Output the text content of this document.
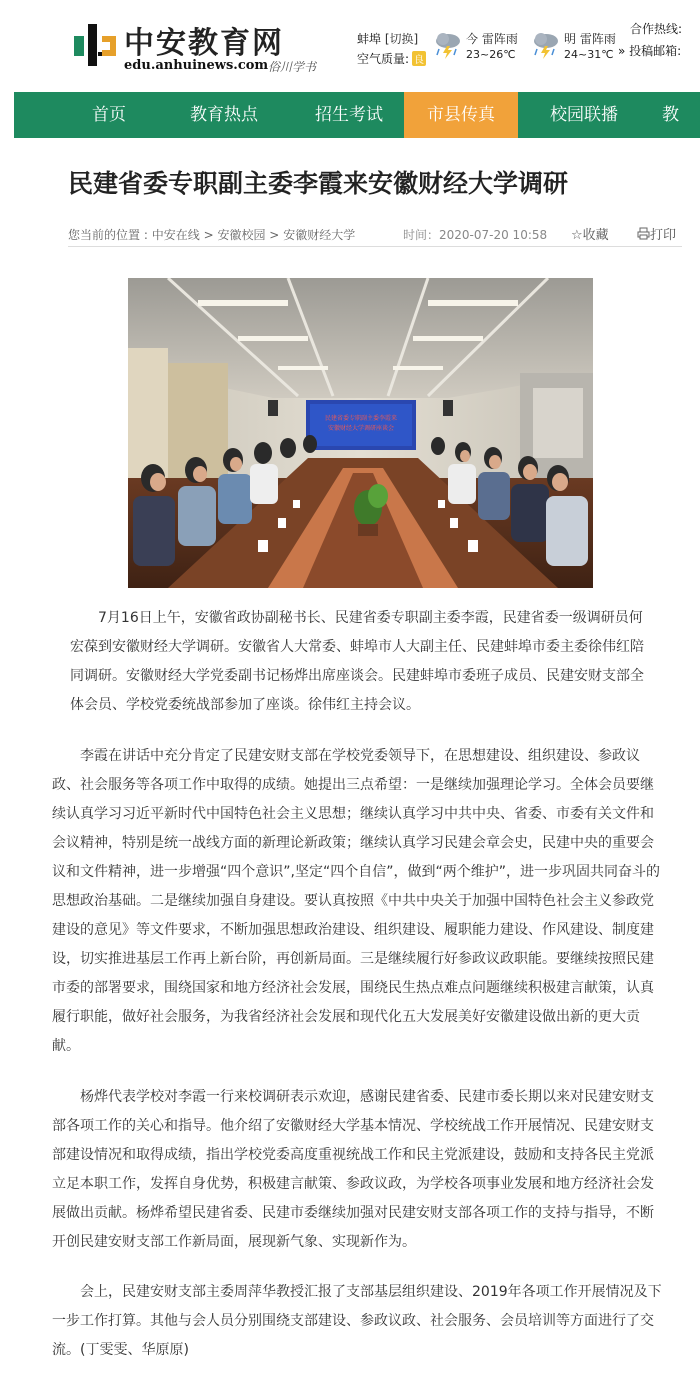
中安教育网
edu.anhuinews.com 俗川学书
蚌埠 [切换]
空气质量: 良
今 雷阵雨
23~26℃
明 雷阵雨
24~31℃
合作热线:
» 投稿邮箱:
首页	教育热点	招生考试	市县传真	校园联播	教
民建省委专职副主委李霞来安徽财经大学调研
您当前的位置 : 中安在线 > 安徽校园 > 安徽财经大学	时间：2020-07-20 10:58 ☆收藏	打印
民建省委专职副主委李霞来
安徽财经大学调研座谈会

7月16日上午，安徽省政协副秘书长、民建省委专职副主委李霞，民建省委一级调研员何宏葆到安徽财经大学调研。安徽省人大常委、蚌埠市人大副主任、民建蚌埠市委主委徐伟红陪同调研。安徽财经大学党委副书记杨烨出席座谈会。民建蚌埠市委班子成员、民建安财支部全体会员、学校党委统战部参加了座谈。徐伟红主持会议。

李霞在讲话中充分肯定了民建安财支部在学校党委领导下，在思想建设、组织建设、参政议政、社会服务等各项工作中取得的成绩。她提出三点希望：一是继续加强理论学习。全体会员要继续认真学习习近平新时代中国特色社会主义思想；继续认真学习中共中央、省委、市委有关文件和会议精神，特别是统一战线方面的新理论新政策；继续认真学习民建会章会史，民建中央的重要会议和文件精神，进一步增强“四个意识”,坚定“四个自信”，做到“两个维护”，进一步巩固共同奋斗的思想政治基础。二是继续加强自身建设。要认真按照《中共中央关于加强中国特色社会主义参政党建设的意见》等文件要求，不断加强思想政治建设、组织建设、履职能力建设、作风建设、制度建设，切实推进基层工作再上新台阶，再创新局面。三是继续履行好参政议政职能。要继续按照民建市委的部署要求，围绕国家和地方经济社会发展，围绕民生热点难点问题继续积极建言献策，认真履行职能，做好社会服务，为我省经济社会发展和现代化五大发展美好安徽建设做出新的更大贡献。

杨烨代表学校对李霞一行来校调研表示欢迎，感谢民建省委、民建市委长期以来对民建安财支部各项工作的关心和指导。他介绍了安徽财经大学基本情况、学校统战工作开展情况、民建安财支部建设情况和取得成绩，指出学校党委高度重视统战工作和民主党派建设，鼓励和支持各民主党派立足本职工作，发挥自身优势，积极建言献策、参政议政，为学校各项事业发展和地方经济社会发展做出贡献。杨烨希望民建省委、民建市委继续加强对民建安财支部各项工作的支持与指导，不断开创民建安财支部工作新局面，展现新气象、实现新作为。

会上，民建安财支部主委周萍华教授汇报了支部基层组织建设、2019年各项工作开展情况及下一步工作打算。其他与会人员分别围绕支部建设、参政议政、社会服务、会员培训等方面进行了交流。(丁雯雯、华原原)
